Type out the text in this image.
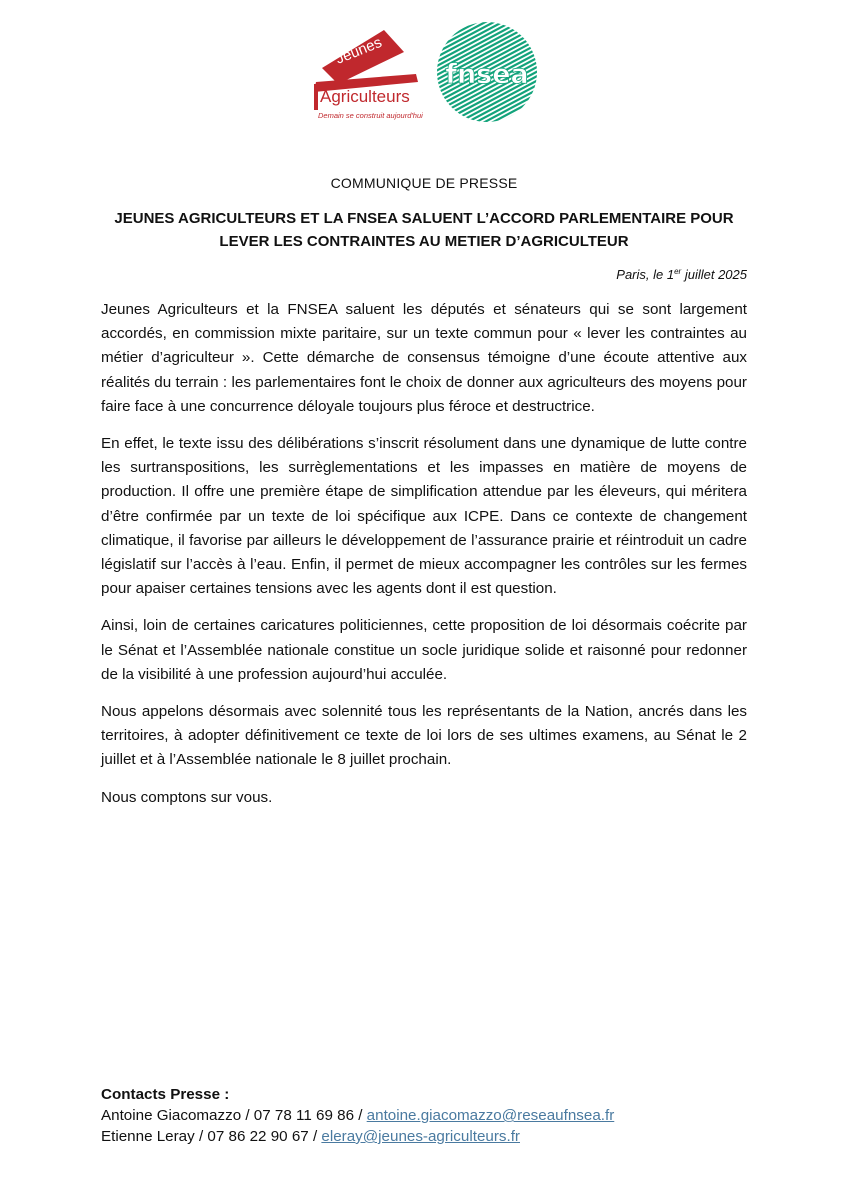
Jeunes
Agriculteurs
Demain se construit aujourd'hui
fnsea
COMMUNIQUE DE PRESSE
JEUNES AGRICULTEURS ET LA FNSEA SALUENT L’ACCORD PARLEMENTAIRE POUR LEVER LES CONTRAINTES AU METIER D’AGRICULTEUR
Paris, le 1er juillet 2025

Jeunes Agriculteurs et la FNSEA saluent les députés et sénateurs qui se sont largement accordés, en commission mixte paritaire, sur un texte commun pour « lever les contraintes au métier d’agriculteur ». Cette démarche de consensus témoigne d’une écoute attentive aux réalités du terrain : les parlementaires font le choix de donner aux agriculteurs des moyens pour faire face à une concurrence déloyale toujours plus féroce et destructrice.

En effet, le texte issu des délibérations s’inscrit résolument dans une dynamique de lutte contre les surtranspositions, les surrèglementations et les impasses en matière de moyens de production. Il offre une première étape de simplification attendue par les éleveurs, qui méritera d’être confirmée par un texte de loi spécifique aux ICPE. Dans ce contexte de changement climatique, il favorise par ailleurs le développement de l’assurance prairie et réintroduit un cadre législatif sur l’accès à l’eau. Enfin, il permet de mieux accompagner les contrôles sur les fermes pour apaiser certaines tensions avec les agents dont il est question.

Ainsi, loin de certaines caricatures politiciennes, cette proposition de loi désormais coécrite par le Sénat et l’Assemblée nationale constitue un socle juridique solide et raisonné pour redonner de la visibilité à une profession aujourd’hui acculée.

Nous appelons désormais avec solennité tous les représentants de la Nation, ancrés dans les territoires, à adopter définitivement ce texte de loi lors de ses ultimes examens, au Sénat le 2 juillet et à l’Assemblée nationale le 8 juillet prochain.

Nous comptons sur vous.

Contacts Presse :
Antoine Giacomazzo / 07 78 11 69 86 / antoine.giacomazzo@reseaufnsea.fr
Etienne Leray / 07 86 22 90 67 / eleray@jeunes-agriculteurs.fr
